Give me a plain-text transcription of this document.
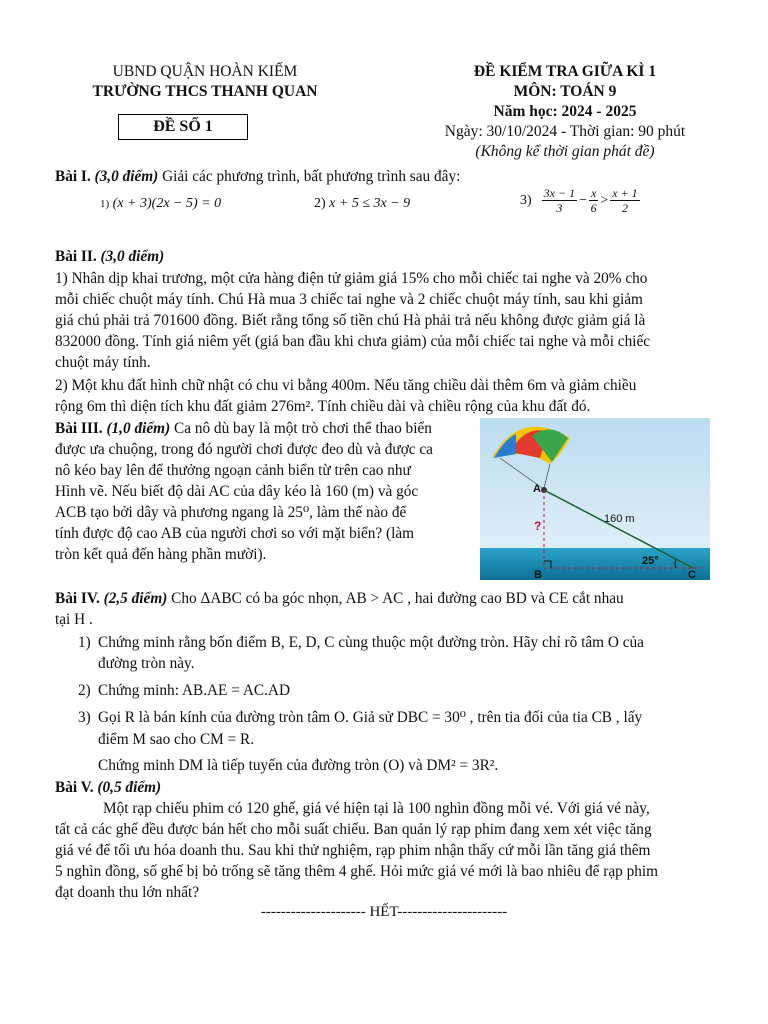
UBND QUẬN HOÀN KIẾM
TRƯỜNG THCS THANH QUAN
ĐỀ SỐ 1
ĐỀ KIỂM TRA GIỮA KÌ 1
MÔN: TOÁN 9
Năm học: 2024 - 2025
Ngày: 30/10/2024 - Thời gian: 90 phút
(Không kể thời gian phát đề)
Bài I. (3,0 điểm) Giải các phương trình, bất phương trình sau đây:
1) (x + 3)(2x − 5) = 0	2) x + 5 ≤ 3x − 9	$3) \frac{3x - 1}{3} - \frac{x}{6} > \frac{x + 1}{2}$
Bài II. (3,0 điểm)
1) Nhân dịp khai trương, một cửa hàng điện tử giảm giá 15% cho mỗi chiếc tai nghe và 20% cho
mỗi chiếc chuột máy tính. Chú Hà mua 3 chiếc tai nghe và 2 chiếc chuột máy tính, sau khi giảm
giá chú phải trả 701600 đồng. Biết rằng tổng số tiền chú Hà phải trả nếu không được giảm giá là
832000 đồng. Tính giá niêm yết (giá ban đầu khi chưa giảm) của mỗi chiếc tai nghe và mỗi chiếc
chuột máy tính.
2) Một khu đất hình chữ nhật có chu vi bằng 400m. Nếu tăng chiều dài thêm 6m và giảm chiều
rộng 6m thì diện tích khu đất giảm 276m². Tính chiều dài và chiều rộng của khu đất đó.
Bài III. (1,0 điểm) Ca nô dù bay là một trò chơi thể thao biển
được ưa chuộng, trong đó người chơi được đeo dù và được ca
nô kéo bay lên để thưởng ngoạn cảnh biển từ trên cao như
Hình vẽ. Nếu biết độ dài AC của dây kéo là 160 (m) và góc
ACB tạo bởi dây và phương ngang là 25⁰, làm thế nào để
tính được độ cao AB của người chơi so với mặt biển? (làm
tròn kết quả đến hàng phần mười).
A
B	C
160 m
25°
?
Bài IV. (2,5 điểm) Cho ΔABC có ba góc nhọn, AB > AC , hai đường cao BD và CE cắt nhau
tại H .
1) Chứng minh rằng bốn điểm B, E, D, C cùng thuộc một đường tròn. Hãy chỉ rõ tâm O của
đường tròn này.
2) Chứng minh: AB.AE = AC.AD
3) Gọi R là bán kính của đường tròn tâm O. Giả sử DBC = 30⁰ , trên tia đối của tia CB , lấy
điểm M sao cho CM = R.
Chứng minh DM là tiếp tuyến của đường tròn (O) và DM² = 3R².
Bài V. (0,5 điểm)
Một rạp chiếu phim có 120 ghế, giá vé hiện tại là 100 nghìn đồng mỗi vé. Với giá vé này,
tất cả các ghế đều được bán hết cho mỗi suất chiếu. Ban quản lý rạp phim đang xem xét việc tăng
giá vé để tối ưu hóa doanh thu. Sau khi thử nghiệm, rạp phim nhận thấy cứ mỗi lần tăng giá thêm
5 nghìn đồng, số ghế bị bỏ trống sẽ tăng thêm 4 ghế. Hỏi mức giá vé mới là bao nhiêu để rạp phim
đạt doanh thu lớn nhất?
--------------------- HẾT----------------------
